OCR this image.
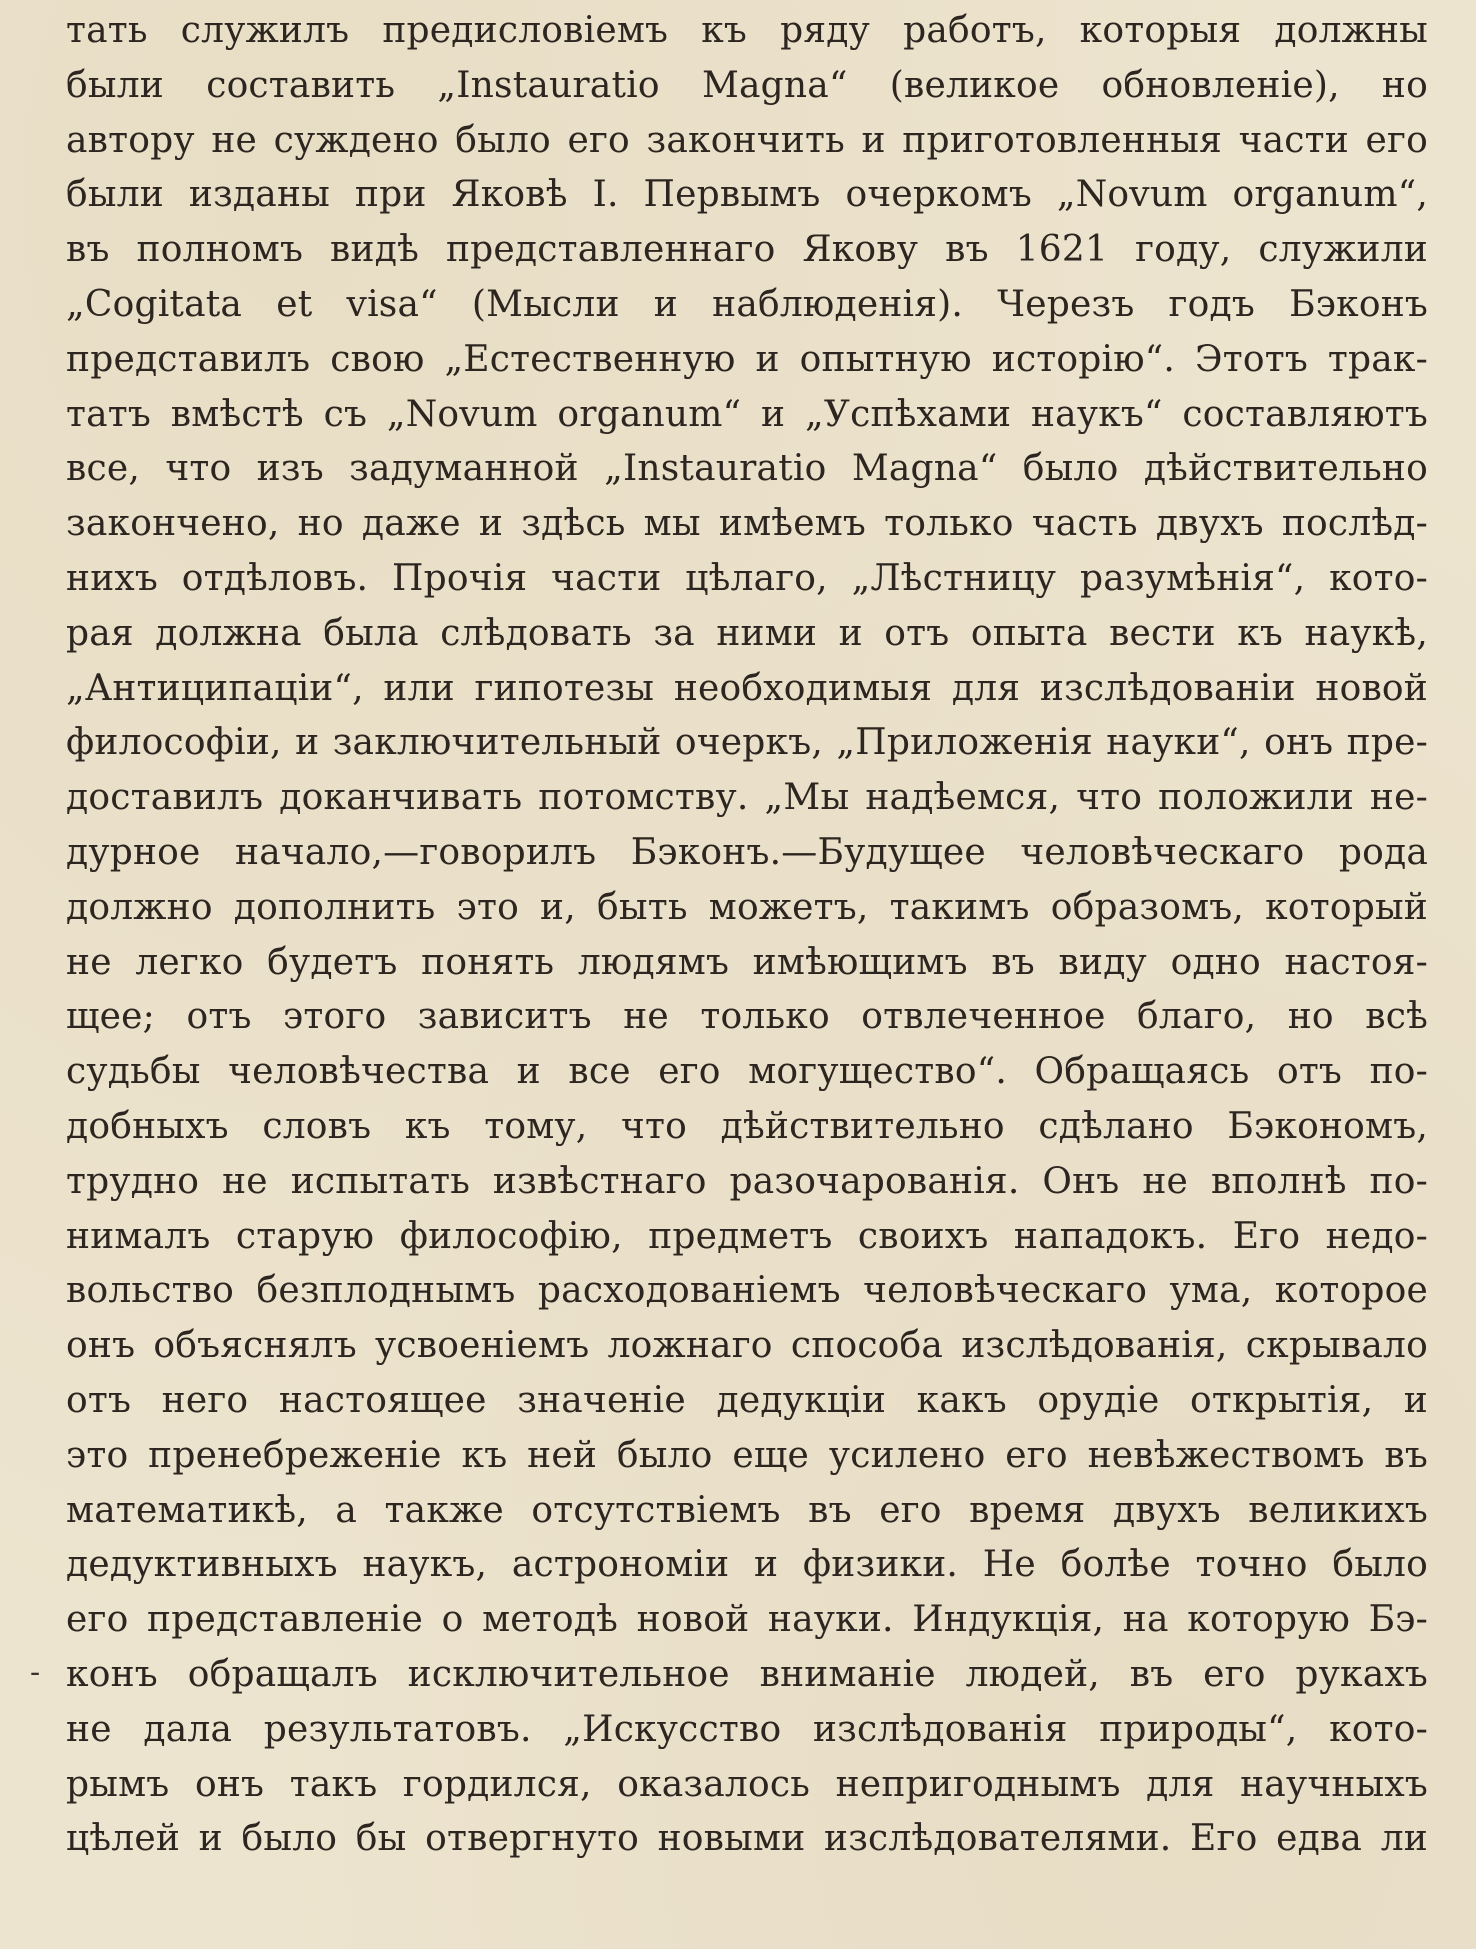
тать служилъ предисловіемъ къ ряду работъ, которыя должны
были составить „Instauratio Magna“ (великое обновленіе), но
автору не суждено было его закончить и приготовленныя части его
были изданы при Яковѣ I. Первымъ очеркомъ „Novum organum“,
въ полномъ видѣ представленнаго Якову въ 1621 году, служили
„Cogitata et visa“ (Мысли и наблюденія). Черезъ годъ Бэконъ
представилъ свою „Естественную и опытную исторію“. Этотъ трак-
татъ вмѣстѣ съ „Novum organum“ и „Успѣхами наукъ“ составляютъ
все, что изъ задуманной „Instauratio Magna“ было дѣйствительно
закончено, но даже и здѣсь мы имѣемъ только часть двухъ послѣд-
нихъ отдѣловъ. Прочія части цѣлаго, „Лѣстницу разумѣнія“, кото-
рая должна была слѣдовать за ними и отъ опыта вести къ наукѣ,
„Антиципаціи“, или гипотезы необходимыя для изслѣдованіи новой
философіи, и заключительный очеркъ, „Приложенія науки“, онъ пре-
доставилъ доканчивать потомству. „Мы надѣемся, что положили не-
дурное начало,—говорилъ Бэконъ.—Будущее человѣческаго рода
должно дополнить это и, быть можетъ, такимъ образомъ, который
не легко будетъ понять людямъ имѣющимъ въ виду одно настоя-
щее; отъ этого зависитъ не только отвлеченное благо, но всѣ
судьбы человѣчества и все его могущество“. Обращаясь отъ по-
добныхъ словъ къ тому, что дѣйствительно сдѣлано Бэкономъ,
трудно не испытать извѣстнаго разочарованія. Онъ не вполнѣ по-
нималъ старую философію, предметъ своихъ нападокъ. Его недо-
вольство безплоднымъ расходованіемъ человѣческаго ума, которое
онъ объяснялъ усвоеніемъ ложнаго способа изслѣдованія, скрывало
отъ него настоящее значеніе дедукціи какъ орудіе открытія, и
это пренебреженіе къ ней было еще усилено его невѣжествомъ въ
математикѣ, а также отсутствіемъ въ его время двухъ великихъ
дедуктивныхъ наукъ, астрономіи и физики. Не болѣе точно было
его представленіе о методѣ новой науки. Индукція, на которую Бэ-
конъ обращалъ исключительное вниманіе людей, въ его рукахъ
не дала результатовъ. „Искусство изслѣдованія природы“, кото-
рымъ онъ такъ гордился, оказалось непригоднымъ для научныхъ
цѣлей и было бы отвергнуто новыми изслѣдователями. Его едва ли
-
